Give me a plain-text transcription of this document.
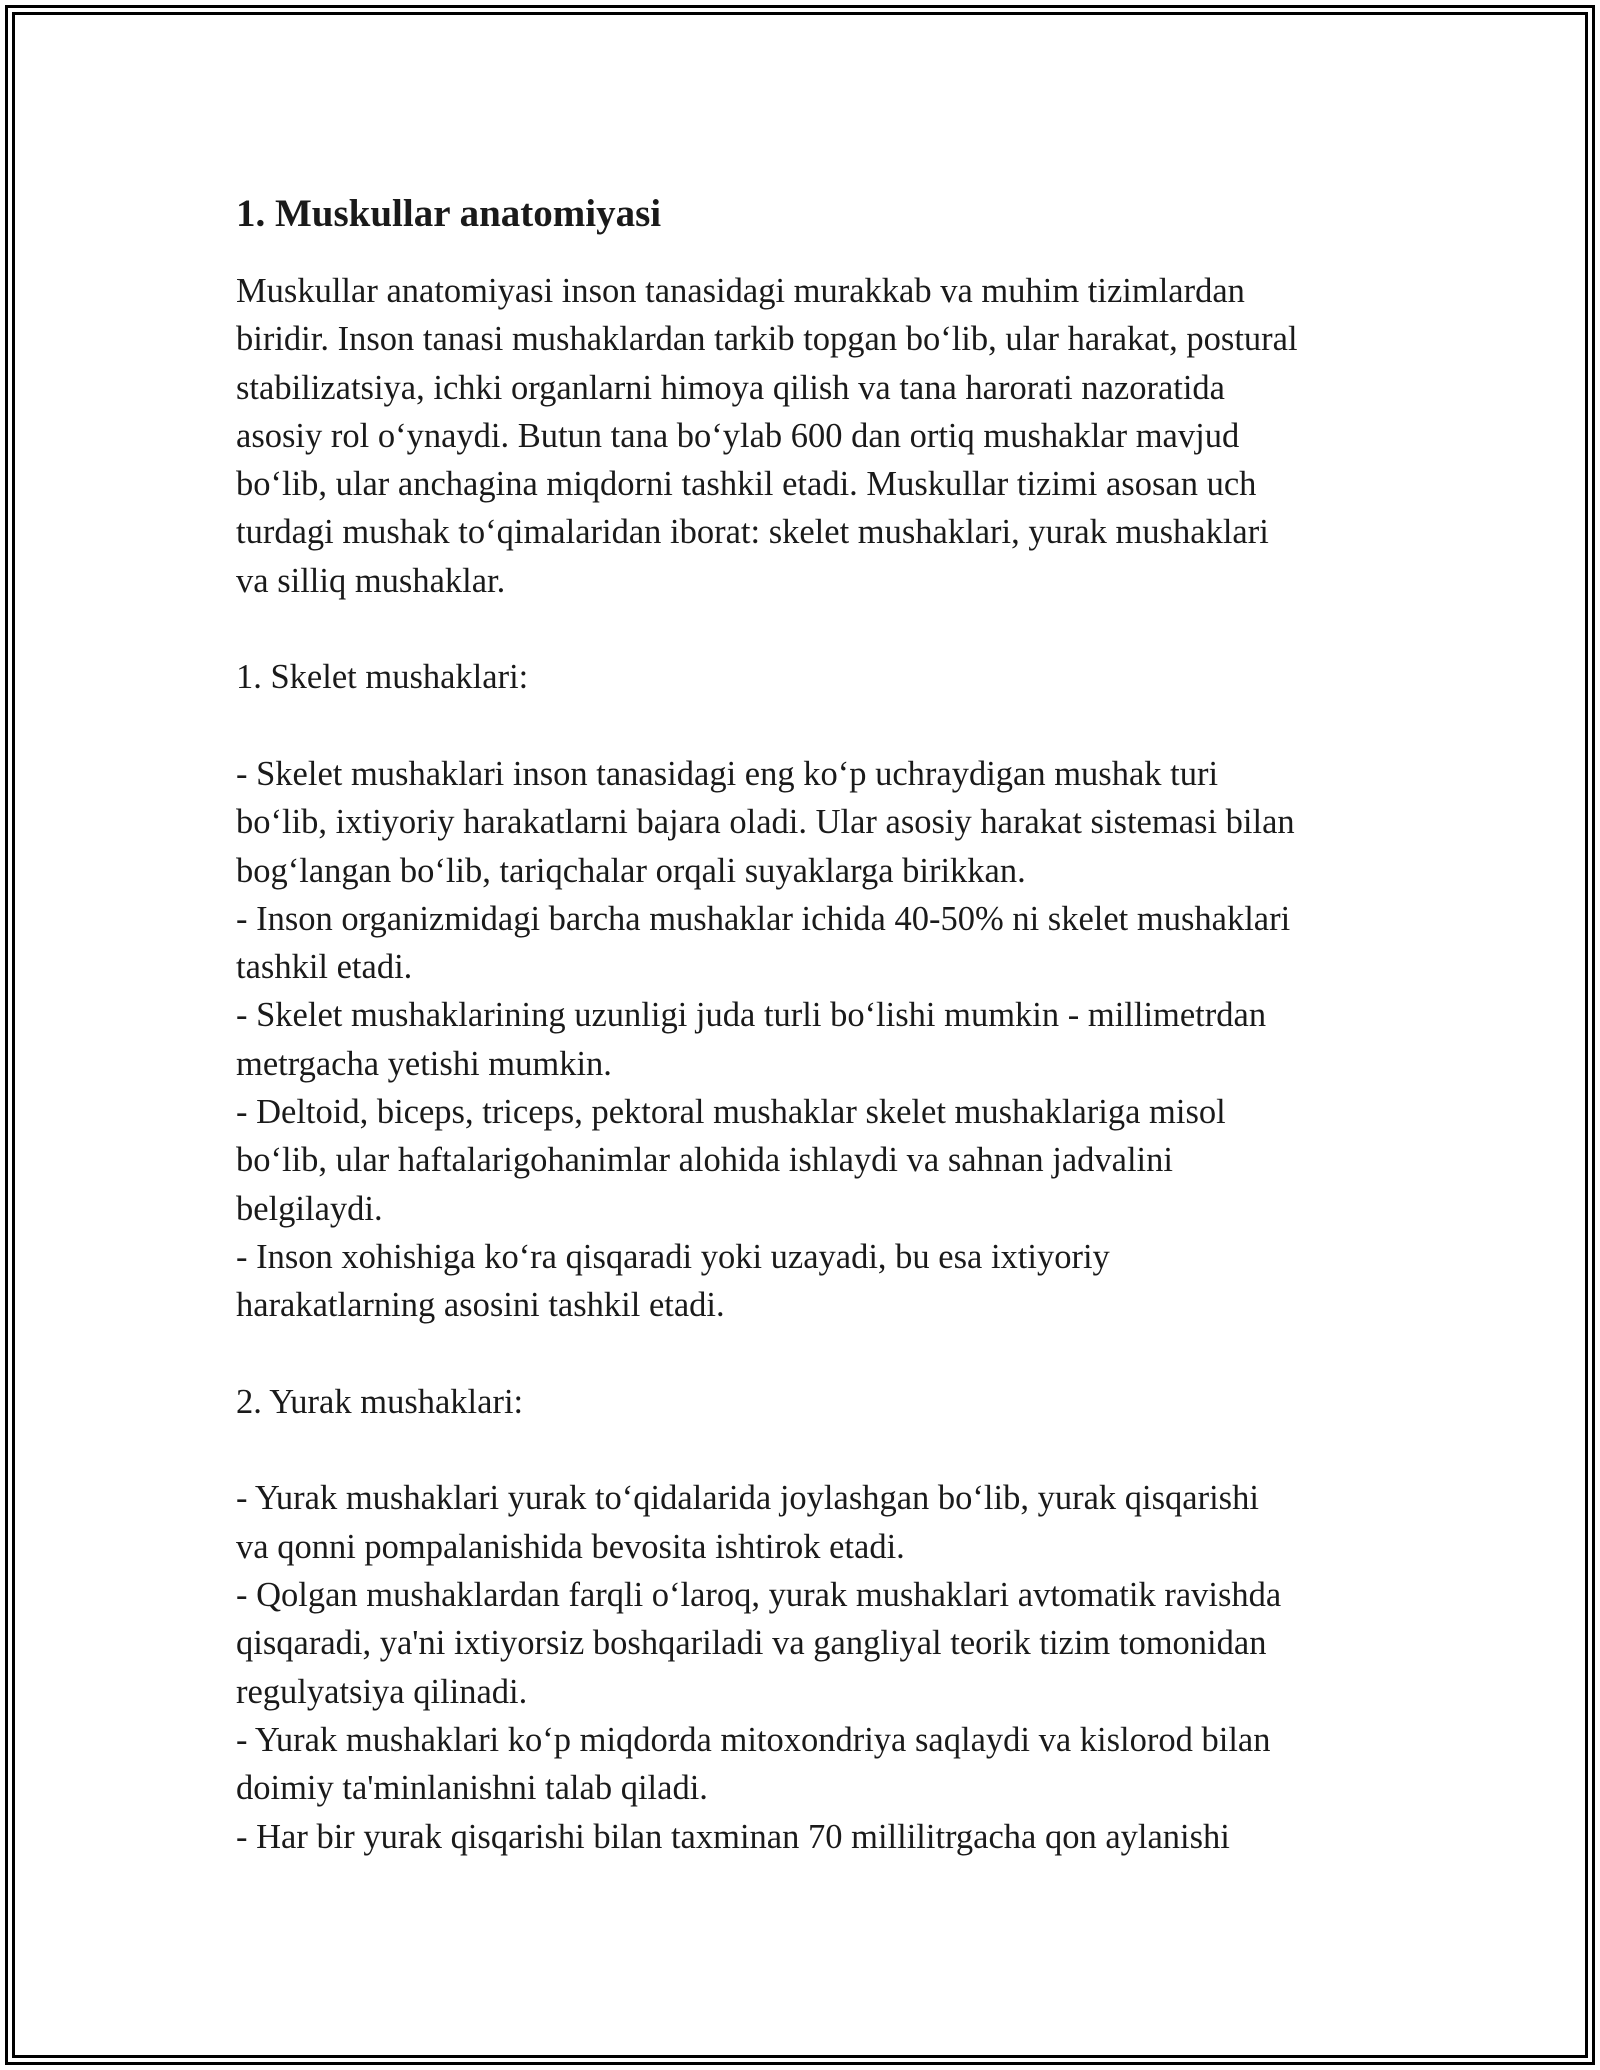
1. Muskullar anatomiyasi

Muskullar anatomiyasi inson tanasidagi murakkab va muhim tizimlardan

biridir. Inson tanasi mushaklardan tarkib topgan bo‘lib, ular harakat, postural

stabilizatsiya, ichki organlarni himoya qilish va tana harorati nazoratida

asosiy rol o‘ynaydi. Butun tana bo‘ylab 600 dan ortiq mushaklar mavjud

bo‘lib, ular anchagina miqdorni tashkil etadi. Muskullar tizimi asosan uch

turdagi mushak to‘qimalaridan iborat: skelet mushaklari, yurak mushaklari

va silliq mushaklar.

1. Skelet mushaklari:

- Skelet mushaklari inson tanasidagi eng ko‘p uchraydigan mushak turi

bo‘lib, ixtiyoriy harakatlarni bajara oladi. Ular asosiy harakat sistemasi bilan

bog‘langan bo‘lib, tariqchalar orqali suyaklarga birikkan.

- Inson organizmidagi barcha mushaklar ichida 40-50% ni skelet mushaklari

tashkil etadi.

- Skelet mushaklarining uzunligi juda turli bo‘lishi mumkin - millimetrdan

metrgacha yetishi mumkin.

- Deltoid, biceps, triceps, pektoral mushaklar skelet mushaklariga misol

bo‘lib, ular haftalarigohanimlar alohida ishlaydi va sahnan jadvalini

belgilaydi.

- Inson xohishiga ko‘ra qisqaradi yoki uzayadi, bu esa ixtiyoriy

harakatlarning asosini tashkil etadi.

2. Yurak mushaklari:

- Yurak mushaklari yurak to‘qidalarida joylashgan bo‘lib, yurak qisqarishi

va qonni pompalanishida bevosita ishtirok etadi.

- Qolgan mushaklardan farqli o‘laroq, yurak mushaklari avtomatik ravishda

qisqaradi, ya'ni ixtiyorsiz boshqariladi va gangliyal teorik tizim tomonidan

regulyatsiya qilinadi.

- Yurak mushaklari ko‘p miqdorda mitoxondriya saqlaydi va kislorod bilan

doimiy ta'minlanishni talab qiladi.

- Har bir yurak qisqarishi bilan taxminan 70 millilitrgacha qon aylanishi
